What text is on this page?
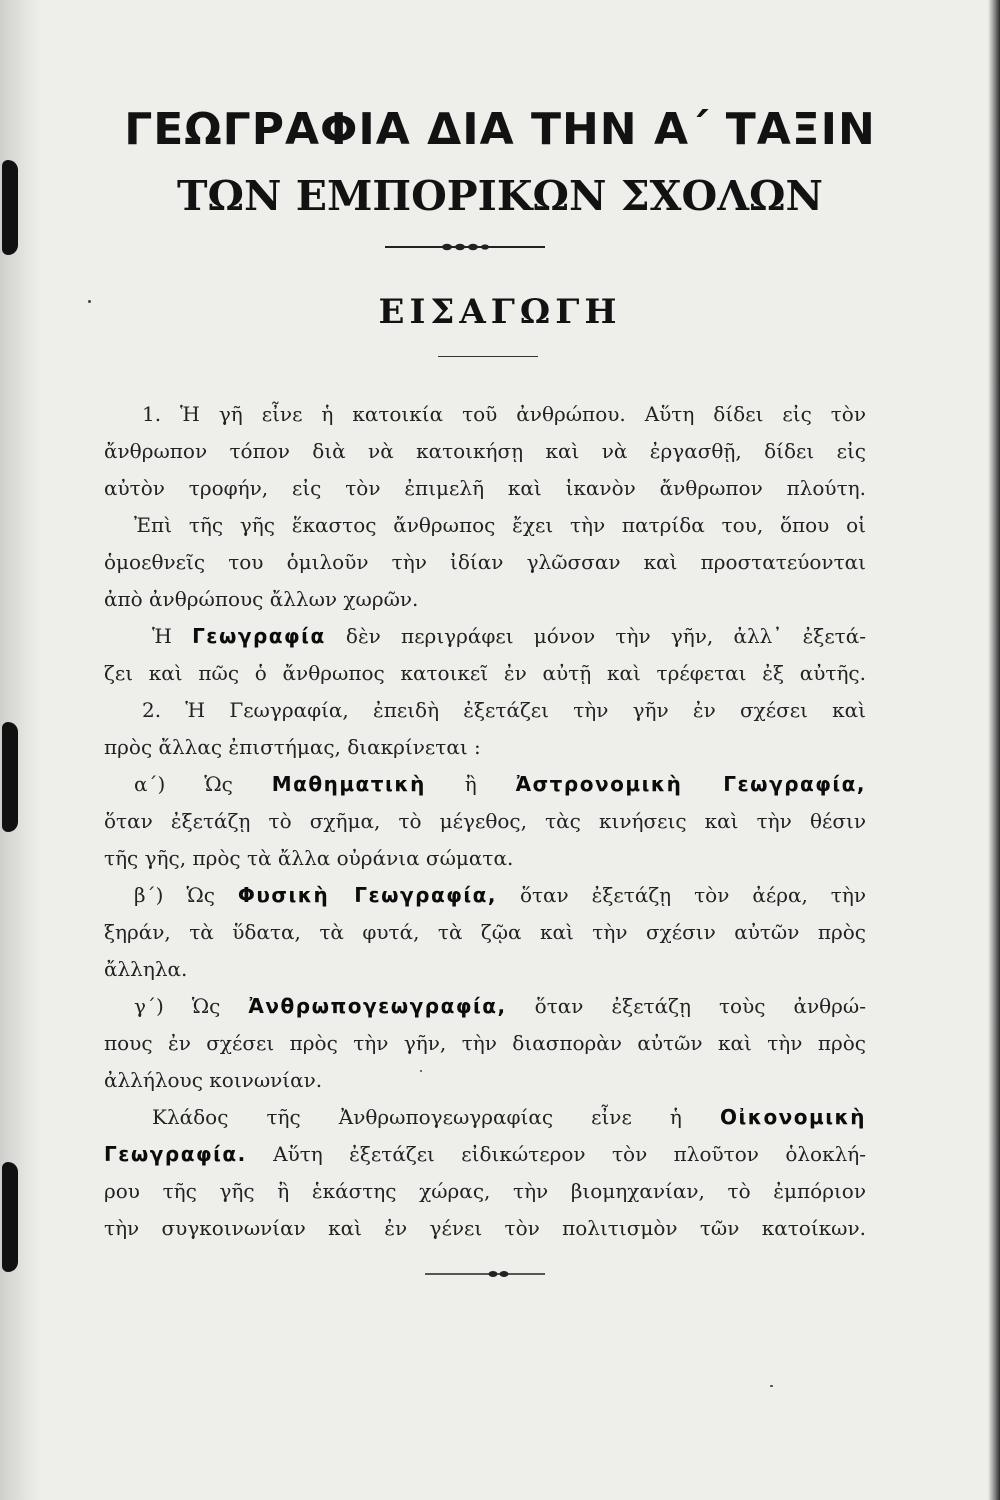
ΓΕΩΓΡΑΦΙΑ ΔΙΑ ΤΗΝ Α΄ ΤΑΞΙΝ
ΤΩΝ ΕΜΠΟΡΙΚΩΝ ΣΧΟΛΩΝ
ΕΙΣΑΓΩΓΗ
1. Ἡ γῆ εἶνε ἡ κατοικία τοῦ ἀνθρώπου. Αὕτη δίδει εἰς τὸν
ἄνθρωπον τόπον διὰ νὰ κατοικήσῃ καὶ νὰ ἐργασθῇ, δίδει εἰς
αὐτὸν τροφήν, εἰς τὸν ἐπιμελῆ καὶ ἱκανὸν ἄνθρωπον πλούτη.
Ἐπὶ τῆς γῆς ἕκαστος ἄνθρωπος ἔχει τὴν πατρίδα του, ὅπου οἱ
ὁμοεθνεῖς του ὁμιλοῦν τὴν ἰδίαν γλῶσσαν καὶ προστατεύονται
ἀπὸ ἀνθρώπους ἄλλων χωρῶν.
Ἡ Γεωγραφία δὲν περιγράφει μόνον τὴν γῆν, ἀλλ᾽ ἐξετά-
ζει καὶ πῶς ὁ ἄνθρωπος κατοικεῖ ἐν αὐτῇ καὶ τρέφεται ἐξ αὐτῆς.
2. Ἡ Γεωγραφία, ἐπειδὴ ἐξετάζει τὴν γῆν ἐν σχέσει καὶ
πρὸς ἄλλας ἐπιστήμας, διακρίνεται :
α΄) Ὡς Μαθηματικὴ ἢ Ἀστρονομικὴ Γεωγραφία,
ὅταν ἐξετάζῃ τὸ σχῆμα, τὸ μέγεθος, τὰς κινήσεις καὶ τὴν θέσιν
τῆς γῆς, πρὸς τὰ ἄλλα οὐράνια σώματα.
β΄) Ὡς Φυσικὴ Γεωγραφία, ὅταν ἐξετάζῃ τὸν ἀέρα, τὴν
ξηράν, τὰ ὕδατα, τὰ φυτά, τὰ ζῷα καὶ τὴν σχέσιν αὐτῶν πρὸς
ἄλληλα.
γ΄) Ὡς Ἀνθρωπογεωγραφία, ὅταν ἐξετάζῃ τοὺς ἀνθρώ-
πους ἐν σχέσει πρὸς τὴν γῆν, τὴν διασπορὰν αὐτῶν καὶ τὴν πρὸς
ἀλλήλους κοινωνίαν.
Κλάδος τῆς Ἀνθρωπογεωγραφίας εἶνε ἡ Οἰκονομικὴ
Γεωγραφία. Αὕτη ἐξετάζει εἰδικώτερον τὸν πλοῦτον ὁλοκλή-
ρου τῆς γῆς ἢ ἑκάστης χώρας, τὴν βιομηχανίαν, τὸ ἐμπόριον
τὴν συγκοινωνίαν καὶ ἐν γένει τὸν πολιτισμὸν τῶν κατοίκων.
